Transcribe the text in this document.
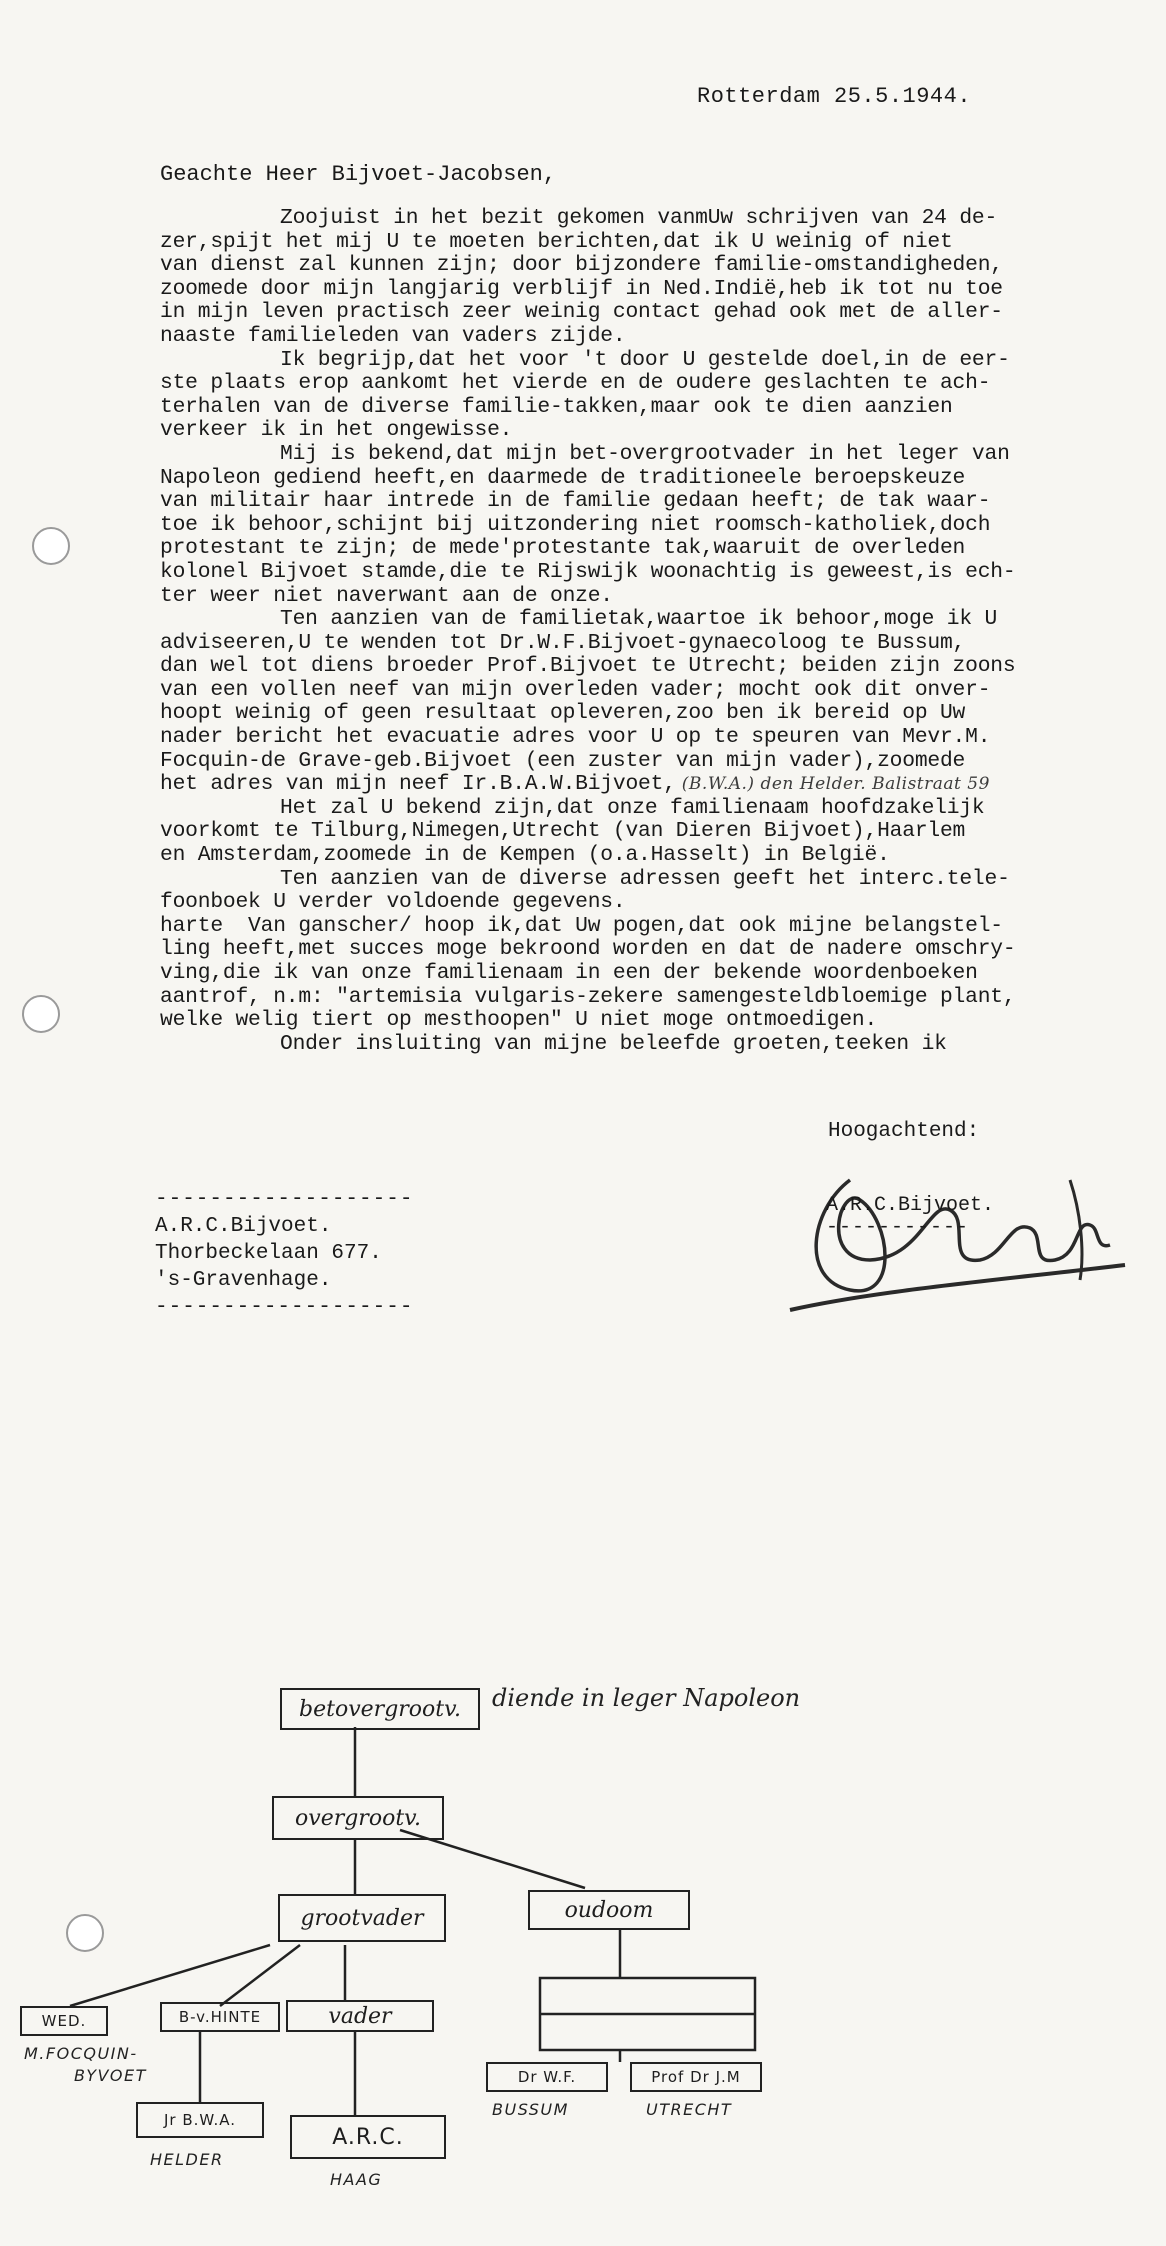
Rotterdam 25.5.1944.
Geachte Heer Bijvoet-Jacobsen,
Zoojuist in het bezit gekomen vanmUw schrijven van 24 de-
zer,spijt het mij U te moeten berichten,dat ik U weinig of niet
van dienst zal kunnen zijn; door bijzondere familie-omstandigheden,
zoomede door mijn langjarig verblijf in Ned.Indië,heb ik tot nu toe
in mijn leven practisch zeer weinig contact gehad ook met de aller-
naaste familieleden van vaders zijde.
Ik begrijp,dat het voor 't door U gestelde doel,in de eer-
ste plaats erop aankomt het vierde en de oudere geslachten te ach-
terhalen van de diverse familie-takken,maar ook te dien aanzien
verkeer ik in het ongewisse.
Mij is bekend,dat mijn bet-overgrootvader in het leger van
Napoleon gediend heeft,en daarmede de traditioneele beroepskeuze
van militair haar intrede in de familie gedaan heeft; de tak waar-
toe ik behoor,schijnt bij uitzondering niet roomsch-katholiek,doch
protestant te zijn; de mede'protestante tak,waaruit de overleden
kolonel Bijvoet stamde,die te Rijswijk woonachtig is geweest,is ech-
ter weer niet naverwant aan de onze.
Ten aanzien van de familietak,waartoe ik behoor,moge ik U
adviseeren,U te wenden tot Dr.W.F.Bijvoet-gynaecoloog te Bussum,
dan wel tot diens broeder Prof.Bijvoet te Utrecht; beiden zijn zoons
van een vollen neef van mijn overleden vader; mocht ook dit onver-
hoopt weinig of geen resultaat opleveren,zoo ben ik bereid op Uw
nader bericht het evacuatie adres voor U op te speuren van Mevr.M.
Focquin-de Grave-geb.Bijvoet (een zuster van mijn vader),zoomede
het adres van mijn neef Ir.B.A.W.Bijvoet, (B.W.A.) den Helder. Balistraat 59
Het zal U bekend zijn,dat onze familienaam hoofdzakelijk
voorkomt te Tilburg,Nimegen,Utrecht (van Dieren Bijvoet),Haarlem
en Amsterdam,zoomede in de Kempen (o.a.Hasselt) in België.
Ten aanzien van de diverse adressen geeft het interc.tele-
foonboek U verder voldoende gegevens.
harte  Van ganscher/ hoop ik,dat Uw pogen,dat ook mijne belangstel-
ling heeft,met succes moge bekroond worden en dat de nadere omschry-
ving,die ik van onze familienaam in een der bekende woordenboeken
aantrof, n.m: "artemisia vulgaris-zekere samengesteldbloemige plant,
welke welig tiert op mesthoopen" U niet moge ontmoedigen.
Onder insluiting van mijne beleefde groeten,teeken ik
Hoogachtend:
A.R.C.Bijvoet.
-----------
-------------------
A.R.C.Bijvoet.
Thorbeckelaan 677.
's-Gravenhage.
-------------------
betovergrootv.	diende in leger Napoleon
overgrootv.
grootvader	oudoom
WED.
M.FOCQUIN-
BYVOET
B-v.HINTE	vader
Jr B.W.A.
HELDER
A.R.C.
HAAG
Dr W.F.
BUSSUM
Prof Dr J.M
UTRECHT
